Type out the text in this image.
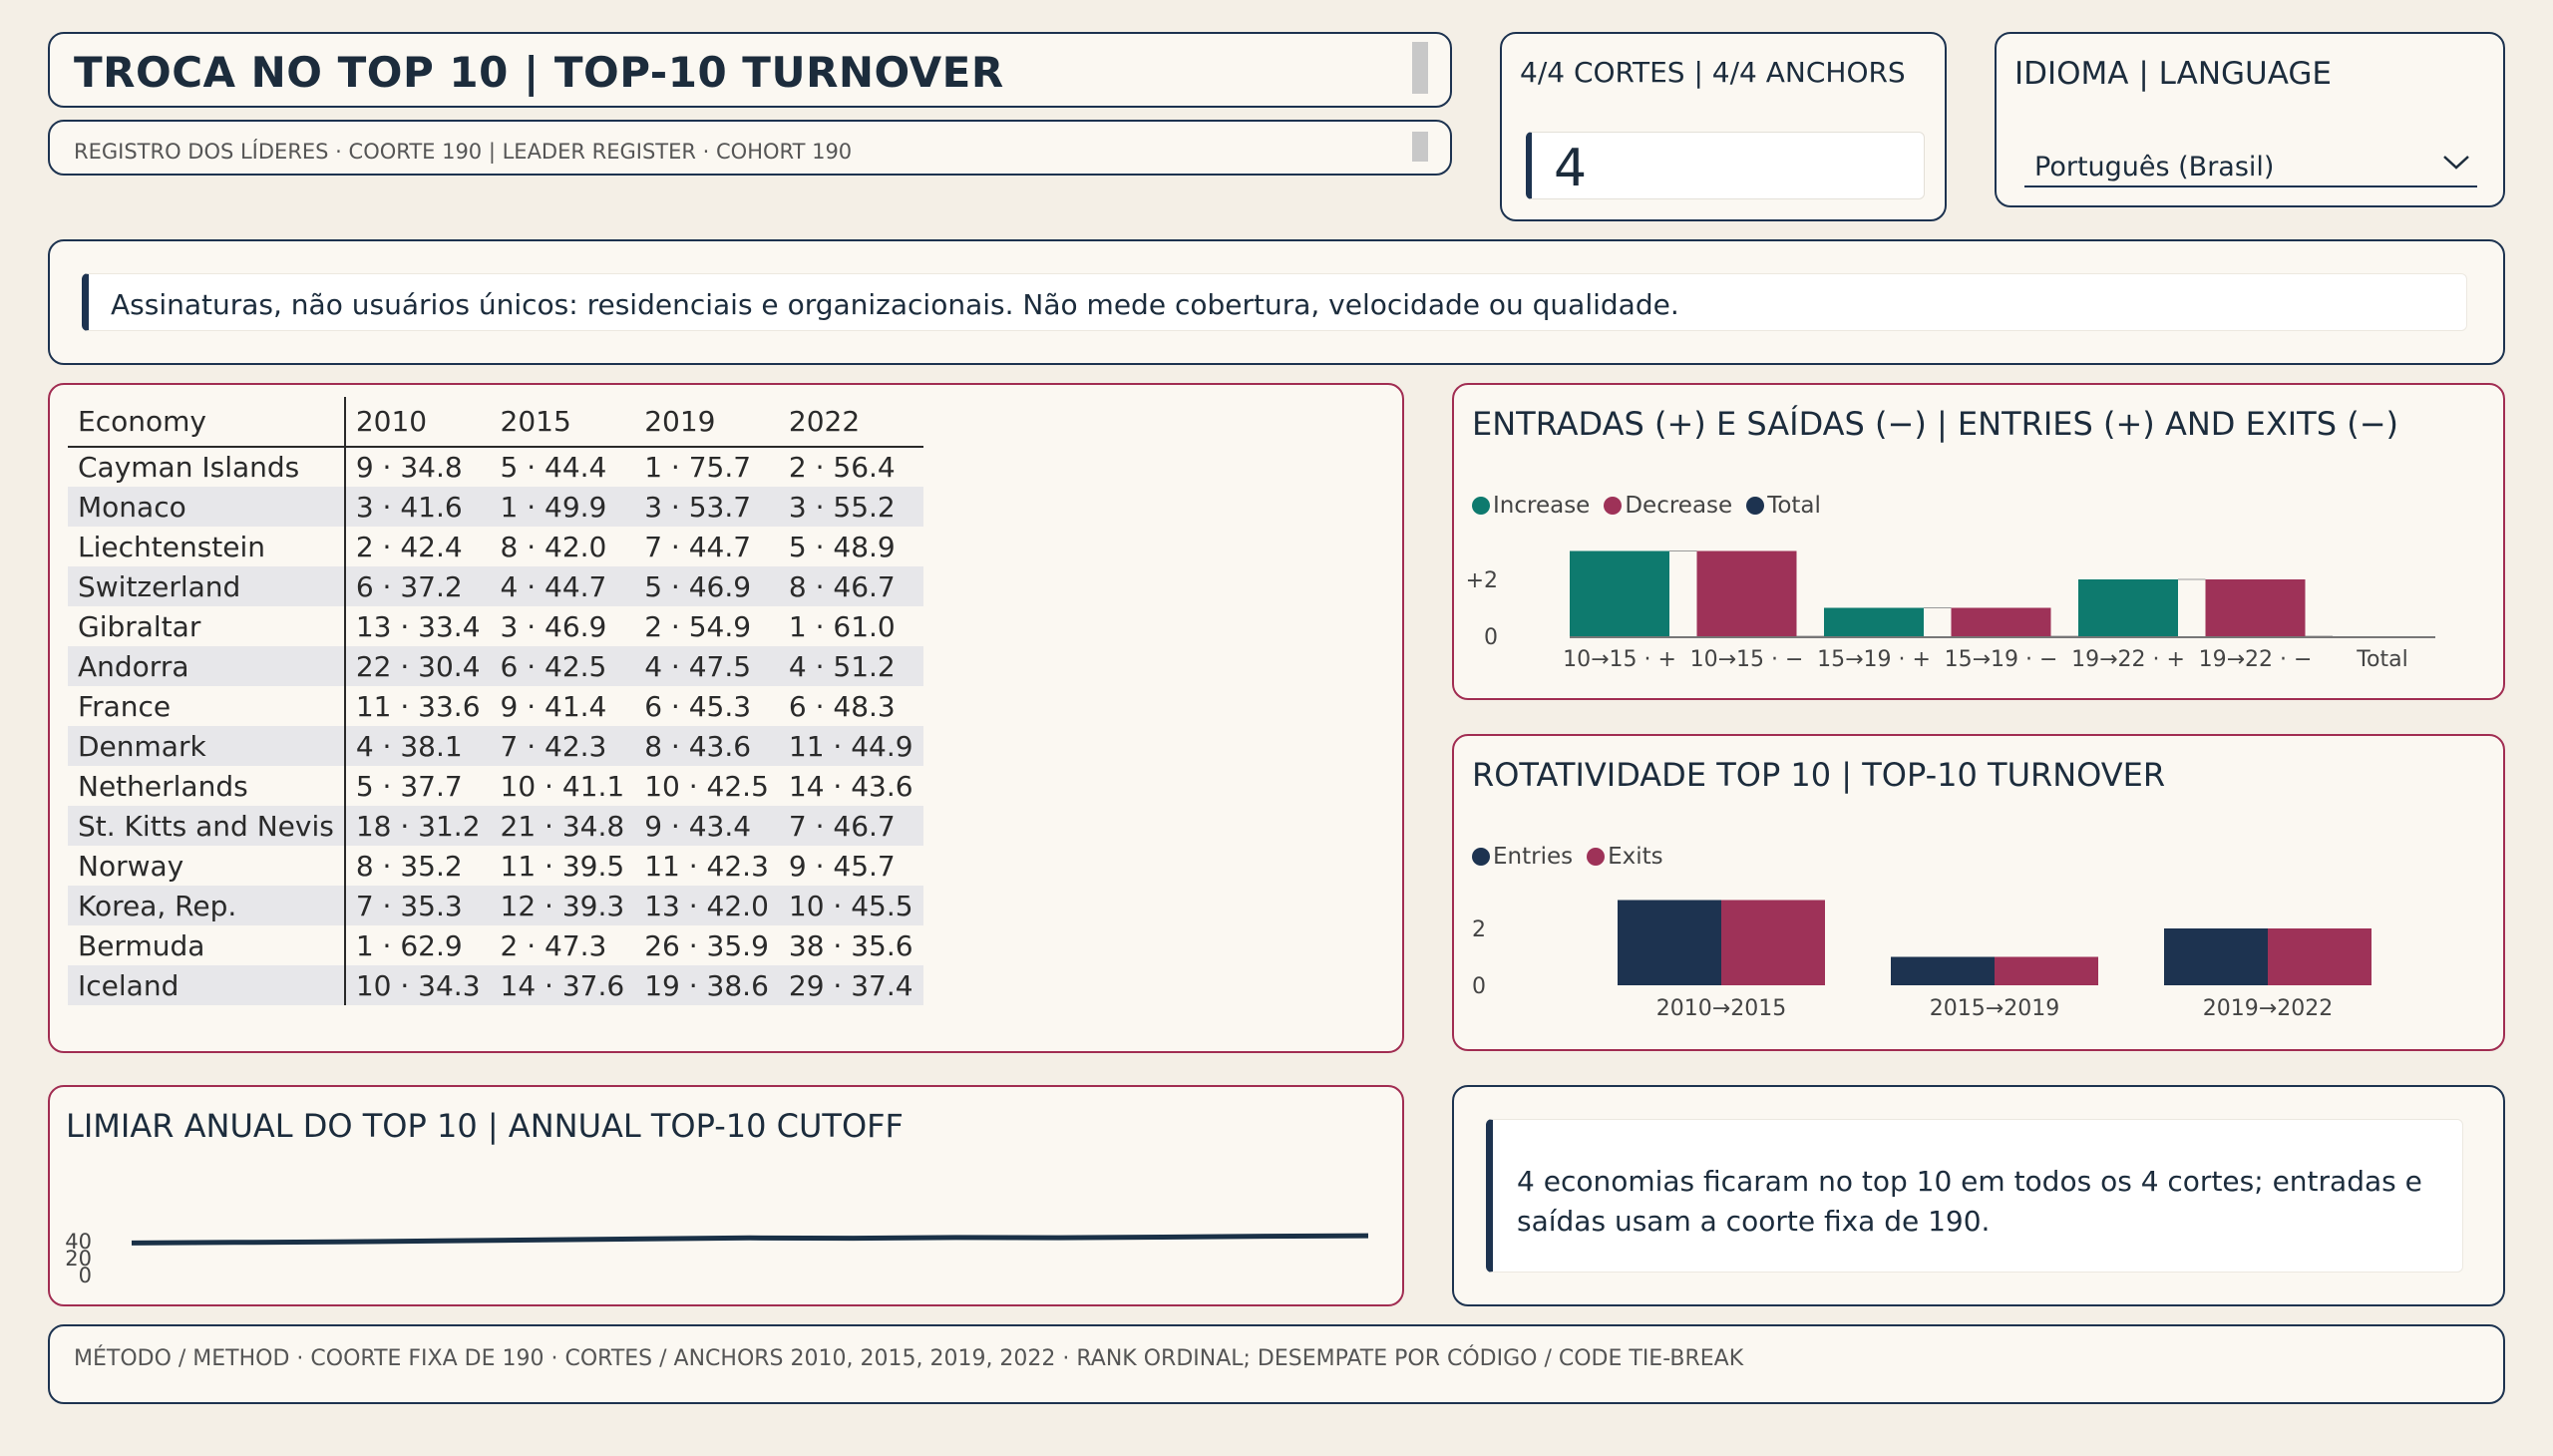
TROCA NO TOP 10 | TOP-10 TURNOVER
REGISTRO DOS LÍDERES · COORTE 190 | LEADER REGISTER · COHORT 190
4/4 CORTES | 4/4 ANCHORS
4
IDIOMA | LANGUAGE
Português (Brasil)
Assinaturas, não usuários únicos: residenciais e organizacionais. Não mede cobertura, velocidade ou qualidade.
Economy	2010	2015	2019	2022
Cayman Islands	9 · 34.8	5 · 44.4	1 · 75.7	2 · 56.4
Monaco	3 · 41.6	1 · 49.9	3 · 53.7	3 · 55.2
Liechtenstein	2 · 42.4	8 · 42.0	7 · 44.7	5 · 48.9
Switzerland	6 · 37.2	4 · 44.7	5 · 46.9	8 · 46.7
Gibraltar	13 · 33.4	3 · 46.9	2 · 54.9	1 · 61.0
Andorra	22 · 30.4	6 · 42.5	4 · 47.5	4 · 51.2
France	11 · 33.6	9 · 41.4	6 · 45.3	6 · 48.3
Denmark	4 · 38.1	7 · 42.3	8 · 43.6	11 · 44.9
Netherlands	5 · 37.7	10 · 41.1	10 · 42.5	14 · 43.6
St. Kitts and Nevis	18 · 31.2	21 · 34.8	9 · 43.4	7 · 46.7
Norway	8 · 35.2	11 · 39.5	11 · 42.3	9 · 45.7
Korea, Rep.	7 · 35.3	12 · 39.3	13 · 42.0	10 · 45.5
Bermuda	1 · 62.9	2 · 47.3	26 · 35.9	38 · 35.6
Iceland	10 · 34.3	14 · 37.6	19 · 38.6	29 · 37.4
ENTRADAS (+) E SAÍDAS (−) | ENTRIES (+) AND EXITS (−)
Increase	Decrease	Total
0
+2
10→15 · + 10→15 · − 15→19 · + 15→19 · − 19→22 · + 19→22 · − Total
ROTATIVIDADE TOP 10 | TOP-10 TURNOVER
Entries	Exits
0
2
2010→2015	2015→2019	2019→2022
LIMIAR ANUAL DO TOP 10 | ANNUAL TOP-10 CUTOFF
0
20
40
4 economias ficaram no top 10 em todos os 4 cortes; entradas e saídas usam a coorte fixa de 190.
MÉTODO / METHOD · COORTE FIXA DE 190 · CORTES / ANCHORS 2010, 2015, 2019, 2022 · RANK ORDINAL; DESEMPATE POR CÓDIGO / CODE TIE-BREAK
